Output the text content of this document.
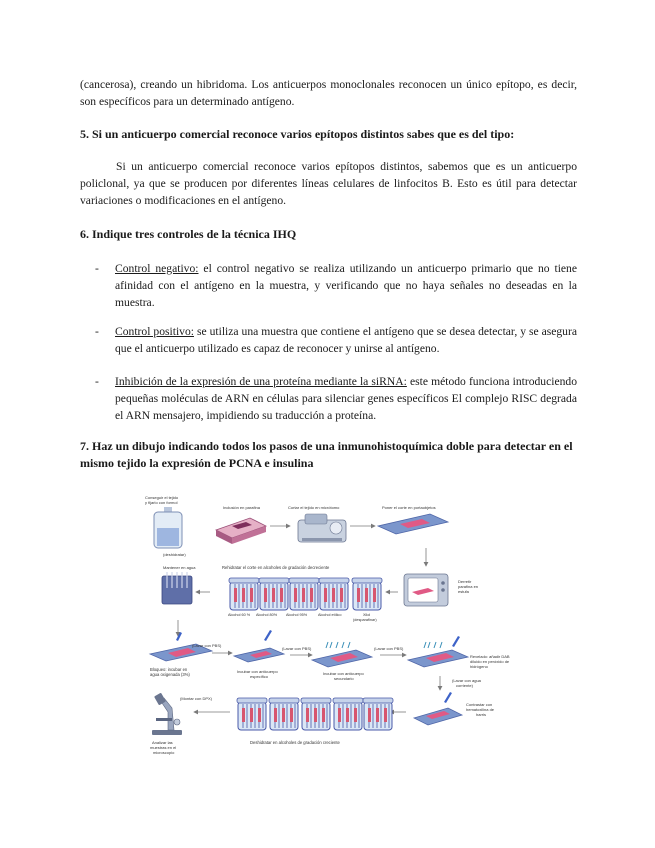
(cancerosa), creando un hibridoma. Los anticuerpos monoclonales reconocen un único epítopo, es decir, son específicos para un determinado antígeno.

5. Si un anticuerpo comercial reconoce varios epítopos distintos sabes que es del tipo:

Si un anticuerpo comercial reconoce varios epítopos distintos, sabemos que es un anticuerpo policlonal, ya que se producen por diferentes líneas celulares de linfocitos B. Esto es útil para detectar variaciones o modificaciones en el antígeno.

6. Indique tres controles de la técnica IHQ

- Control negativo: el control negativo se realiza utilizando un anticuerpo primario que no tiene afinidad con el antígeno en la muestra, y verificando que no haya señales no deseadas en la muestra.

- Control positivo: se utiliza una muestra que contiene el antígeno que se desea detectar, y se asegura que el anticuerpo utilizado es capaz de reconocer y unirse al antígeno.

- Inhibición de la expresión de una proteína mediante la siRNA: este método funciona introduciendo pequeñas moléculas de ARN en células para silenciar genes específicos El complejo RISC degrada el ARN mensajero, impidiendo su traducción a proteína.

7. Haz un dibujo indicando todos los pasos de una inmunohistoquímica doble para detectar en el mismo tejido la expresión de PCNA e insulina

Conseguir el tejido
y fijarlo con formol
(deshidratar)
Inclusión en parafina	Cortar el tejido en micrótomo	Poner el corte en portaobjetos
Mantener en agua	Rehidratar el corte en alcoholes de gradación decreciente
Alcohol 60 % Alcohol 80% Alcohol 95%	Alcohol etílico	Xilol
(desparafinar)
Derretir
parafina en
estufa
Bloqueo: incubar en
agua oxigenada (3%)
(Lavar con PBS)
Incubar con anticuerpo
específico
(Lavar con PBS)
Incubar con anticuerpo
secundario
(Lavar con PBS)
Revelado: añadir DAB
diluido en peróxido de
hidrógeno
(Lavar con agua
corriente)
Contrastar con
hematoxilina de
harris
Deshidratar en alcoholes de gradación creciente
(Montar con DPX)
Analizar las
muestras en el
microscopio
